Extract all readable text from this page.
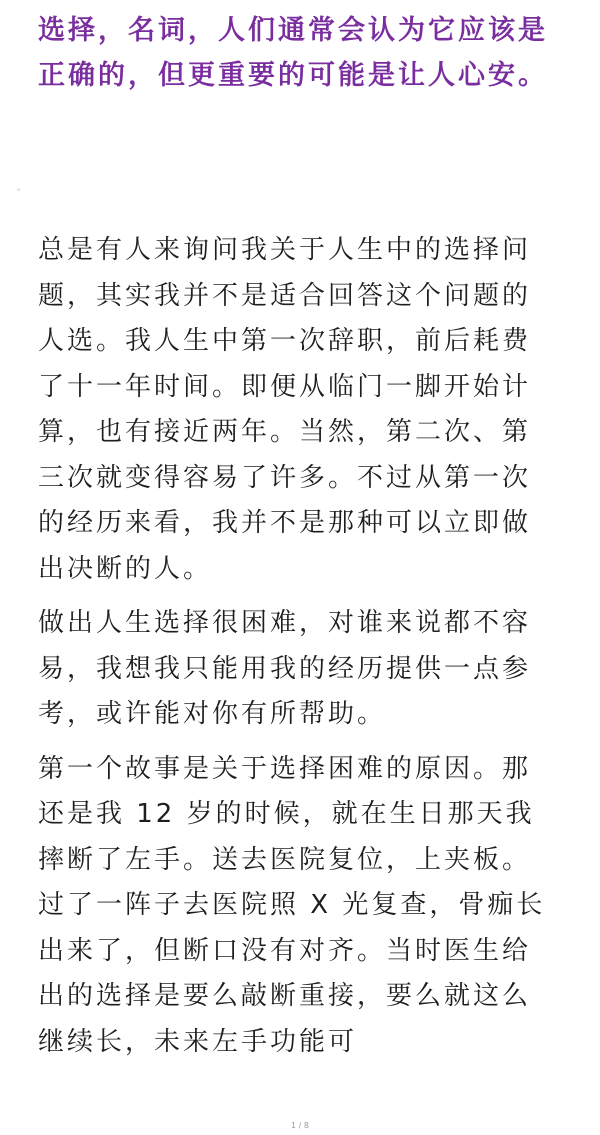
选择，名词，人们通常会认为它应该是正确的，但更重要的可能是让人心安。
。

总是有人来询问我关于人生中的选择问题，其实我并不是适合回答这个问题的人选。我人生中第一次辞职，前后耗费了十一年时间。即便从临门一脚开始计算，也有接近两年。当然，第二次、第三次就变得容易了许多。不过从第一次的经历来看，我并不是那种可以立即做出决断的人。

做出人生选择很困难，对谁来说都不容易，我想我只能用我的经历提供一点参考，或许能对你有所帮助。

第一个故事是关于选择困难的原因。那还是我 12 岁的时候，就在生日那天我摔断了左手。送去医院复位，上夹板。过了一阵子去医院照 X 光复查，骨痂长出来了，但断口没有对齐。当时医生给出的选择是要么敲断重接，要么就这么继续长，未来左手功能可

1 / 8
